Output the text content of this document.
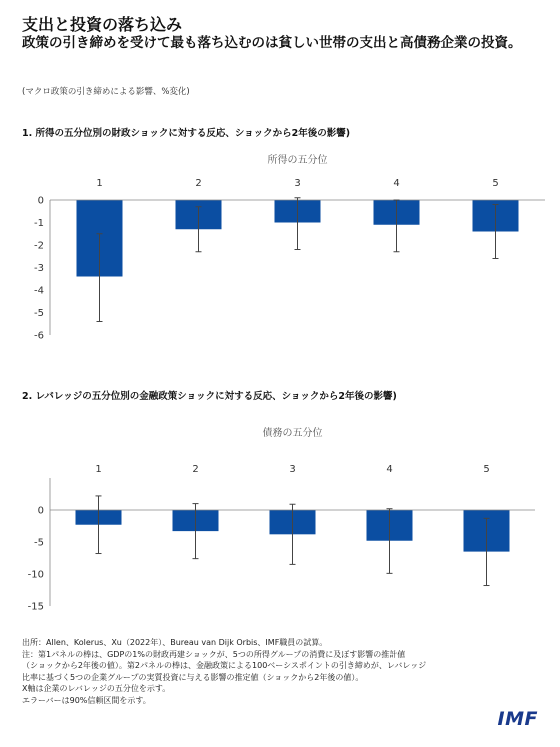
支出と投資の落ち込み
政策の引き締めを受けて最も落ち込むのは貧しい世帯の支出と高債務企業の投資。
(マクロ政策の引き締めによる影響、%変化)
1. 所得の五分位別の財政ショックに対する反応、ショックから2年後の影響)
所得の五分位
1	2	3	4	5
0
-1
-2
-3
-4
-5
-6
2. レバレッジの五分位別の金融政策ショックに対する反応、ショックから2年後の影響)
債務の五分位
1	2	3	4	5
0
-5
-10
-15
出所：Allen、Kolerus、Xu（2022年）、Bureau van Dijk Orbis、IMF職員の試算。
注：第1パネルの棒は、GDPの1%の財政再建ショックが、5つの所得グループの消費に及ぼす影響の推計値
（ショックから2年後の値）。第2パネルの棒は、金融政策による100ベーシスポイントの引き締めが、レバレッジ
比率に基づく5つの企業グループの実質投資に与える影響の推定値（ショックから2年後の値）。
X軸は企業のレバレッジの五分位を示す。
エラーバーは90%信頼区間を示す。
IMF
